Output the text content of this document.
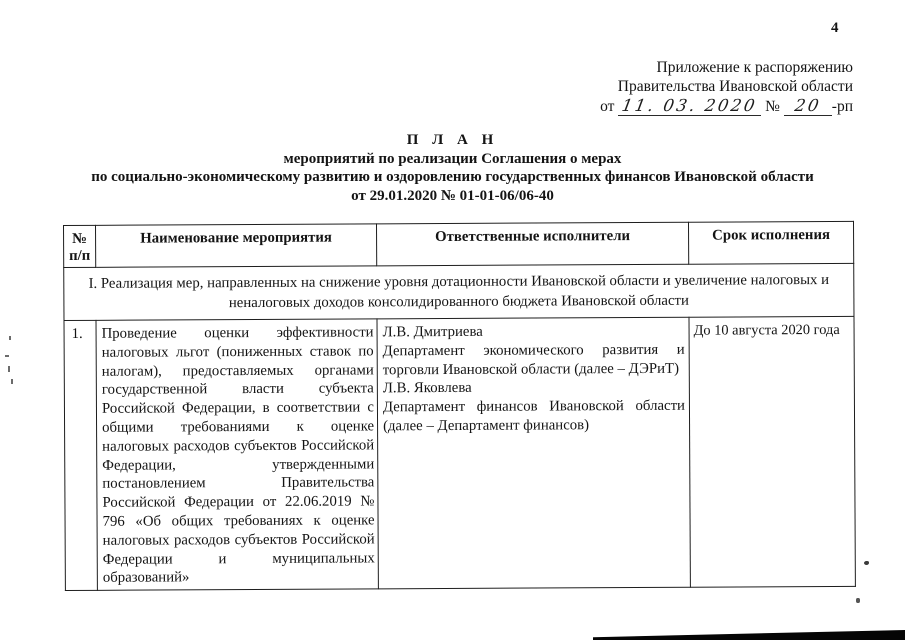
4
Приложение к распоряжению
Правительства Ивановской области
от 11. 03. 2020 № 20 -рп
П Л А Н
мероприятий по реализации Соглашения о мерах
по социально-экономическому развитию и оздоровлению государственных финансов Ивановской области
от 29.01.2020 № 01-01-06/06-40
№
п/п	Наименование мероприятия	Ответственные исполнители	Срок исполнения
I. Реализация мер, направленных на снижение уровня дотационности Ивановской области и увеличение налоговых и неналоговых доходов консолидированного бюджета Ивановской области			
1.	Проведение оценки эффективности налоговых льгот (пониженных ставок по налогам), предоставляемых органами государственной власти субъекта Российской Федерации, в соответствии с общими требованиями к оценке налоговых расходов субъектов Российской Федерации, утвержденными постановлением Правительства Российской Федерации от 22.06.2019 № 796 «Об общих требованиях к оценке налоговых расходов субъектов Российской Федерации и муниципальных образований»	Л.В. Дмитриева
Департамент экономического развития и торговли Ивановской области (далее – ДЭРиТ)
Л.В. Яковлева
Департамент финансов Ивановской области (далее – Департамент финансов)	До 10 августа 2020 года
